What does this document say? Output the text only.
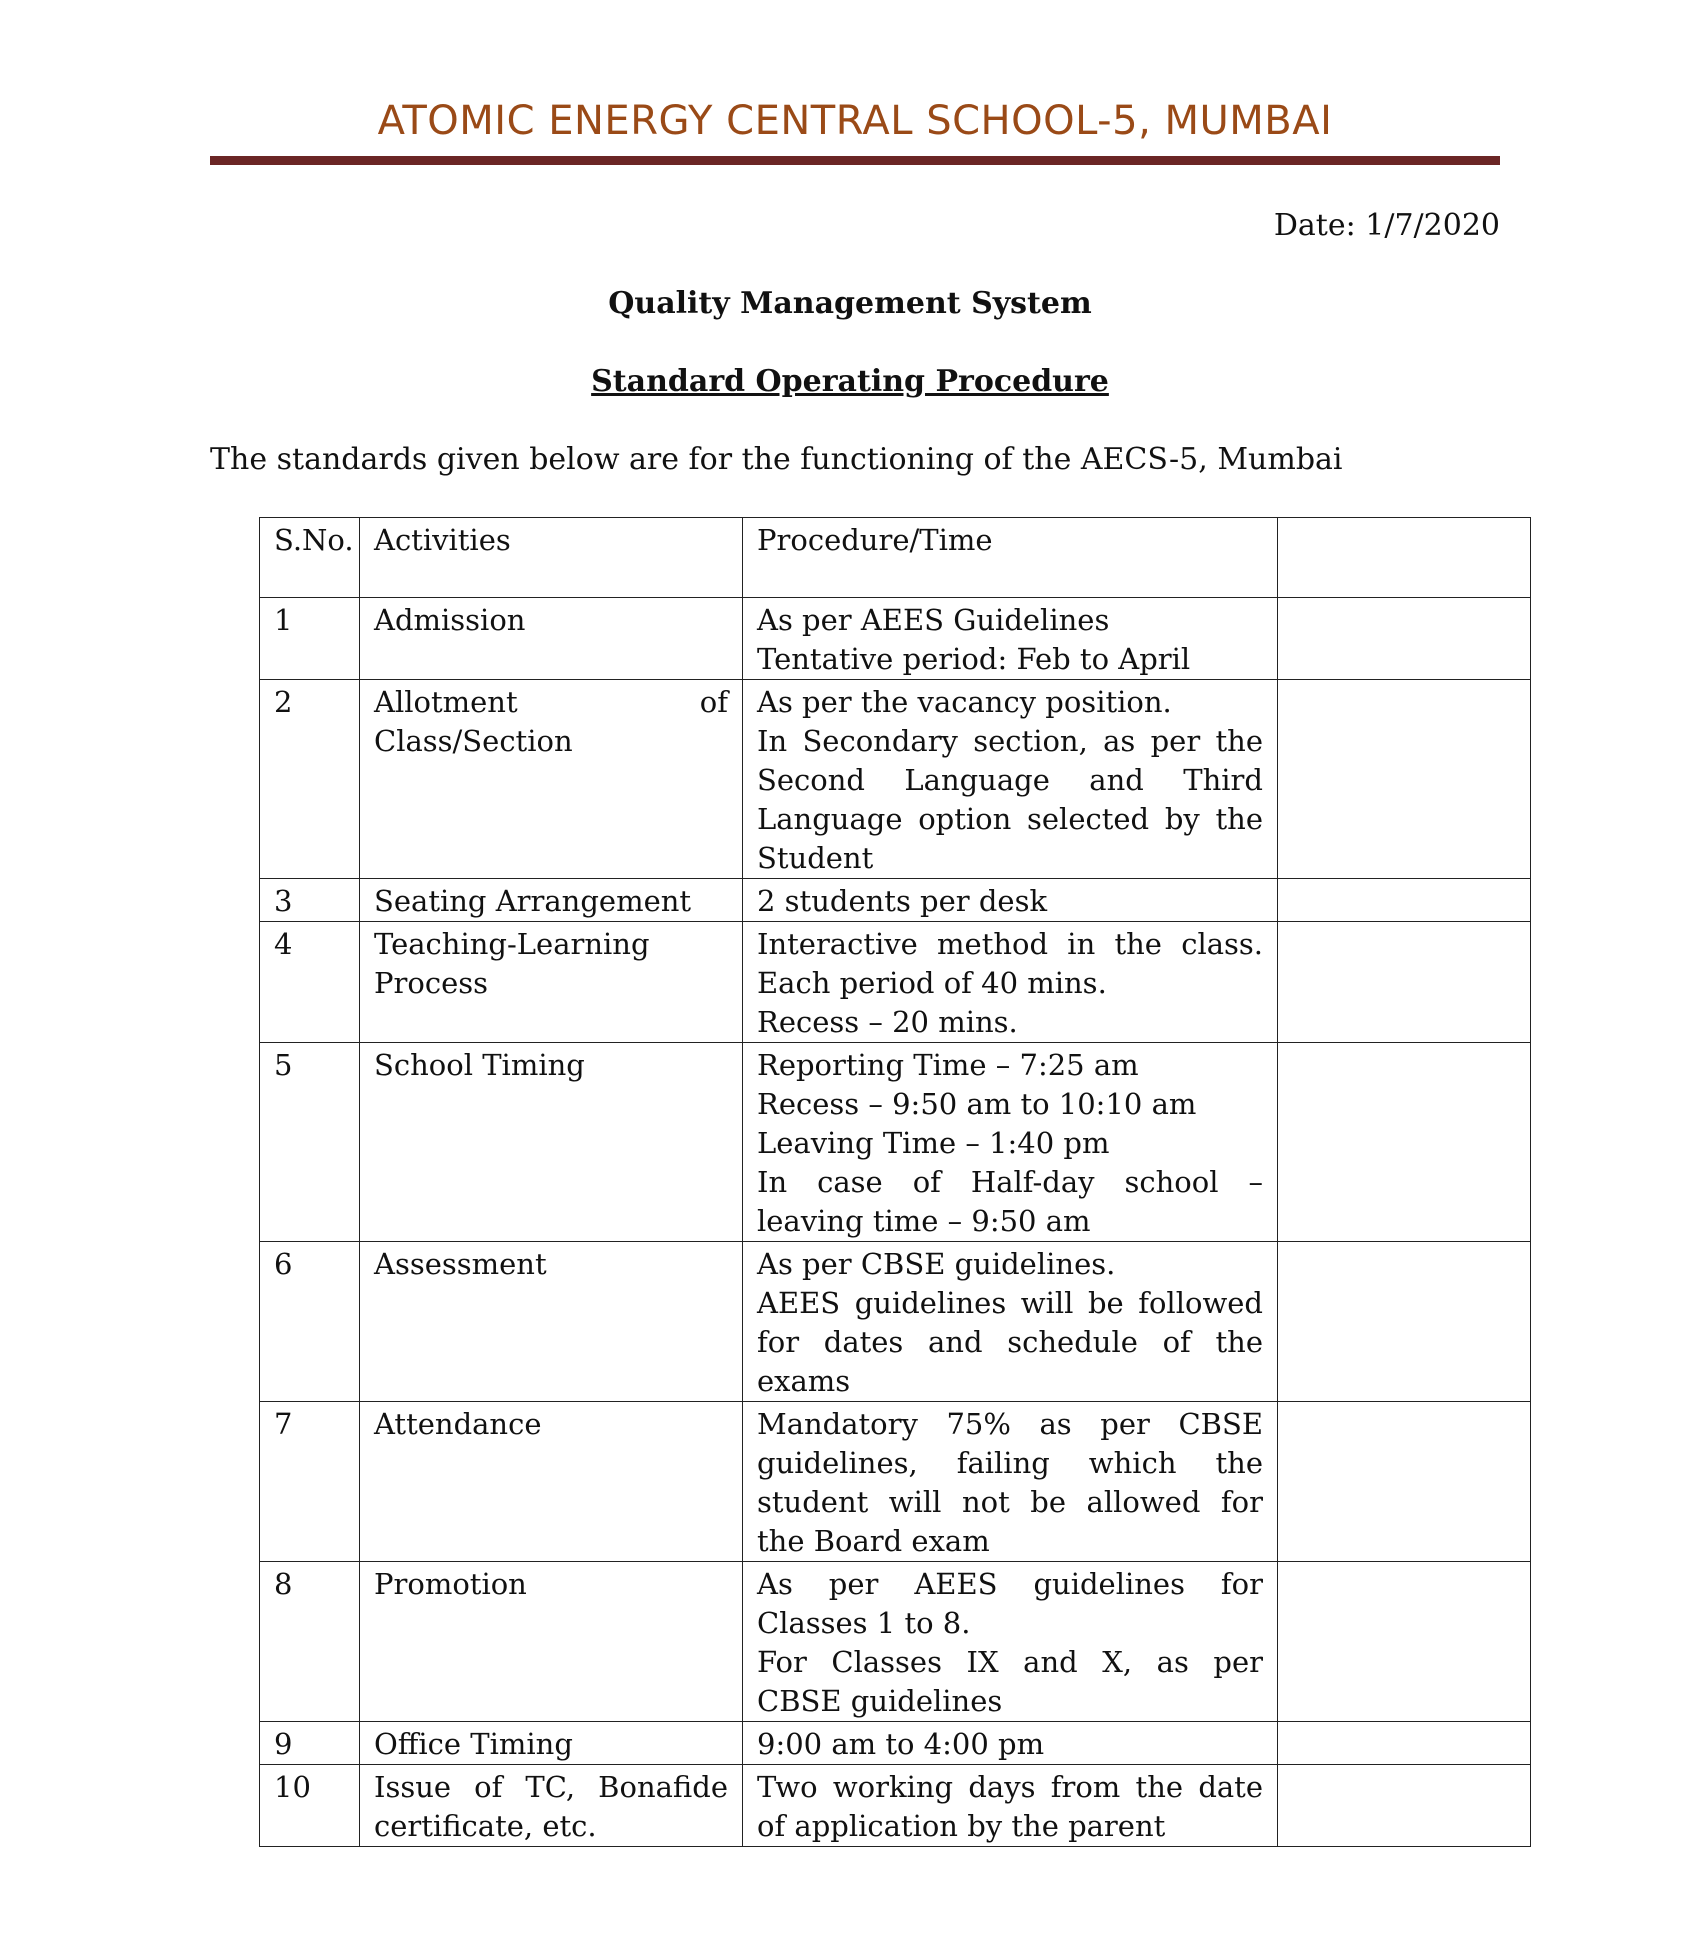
ATOMIC ENERGY CENTRAL SCHOOL-5, MUMBAI
Date: 1/7/2020
Quality Management System
Standard Operating Procedure
The standards given below are for the functioning of the AECS-5, Mumbai
S.No.	Activities	Procedure/Time	
1	Admission	As per AEES Guidelines
Tentative period: Feb to April	

2	Allotment of Class/Section	As per the vacancy position.
In Secondary section, as per the Second Language and Third Language option selected by the Student	

3	Seating Arrangement	2 students per desk	

4	Teaching-Learning Process	Interactive method in the class. Each period of 40 mins.
Recess – 20 mins.	

5	School Timing	Reporting Time – 7:25 am
Recess – 9:50 am to 10:10 am
Leaving Time – 1:40 pm
In case of Half-day school – leaving time – 9:50 am	

6	Assessment	As per CBSE guidelines.
AEES guidelines will be followed for dates and schedule of the exams	

7	Attendance	Mandatory 75% as per CBSE guidelines, failing which the student will not be allowed for the Board exam	

8	Promotion	As per AEES guidelines for Classes 1 to 8.
For Classes IX and X, as per CBSE guidelines	

9	Office Timing	9:00 am to 4:00 pm	

10	Issue of TC, Bonafide certificate, etc.	Two working days from the date of application by the parent	
